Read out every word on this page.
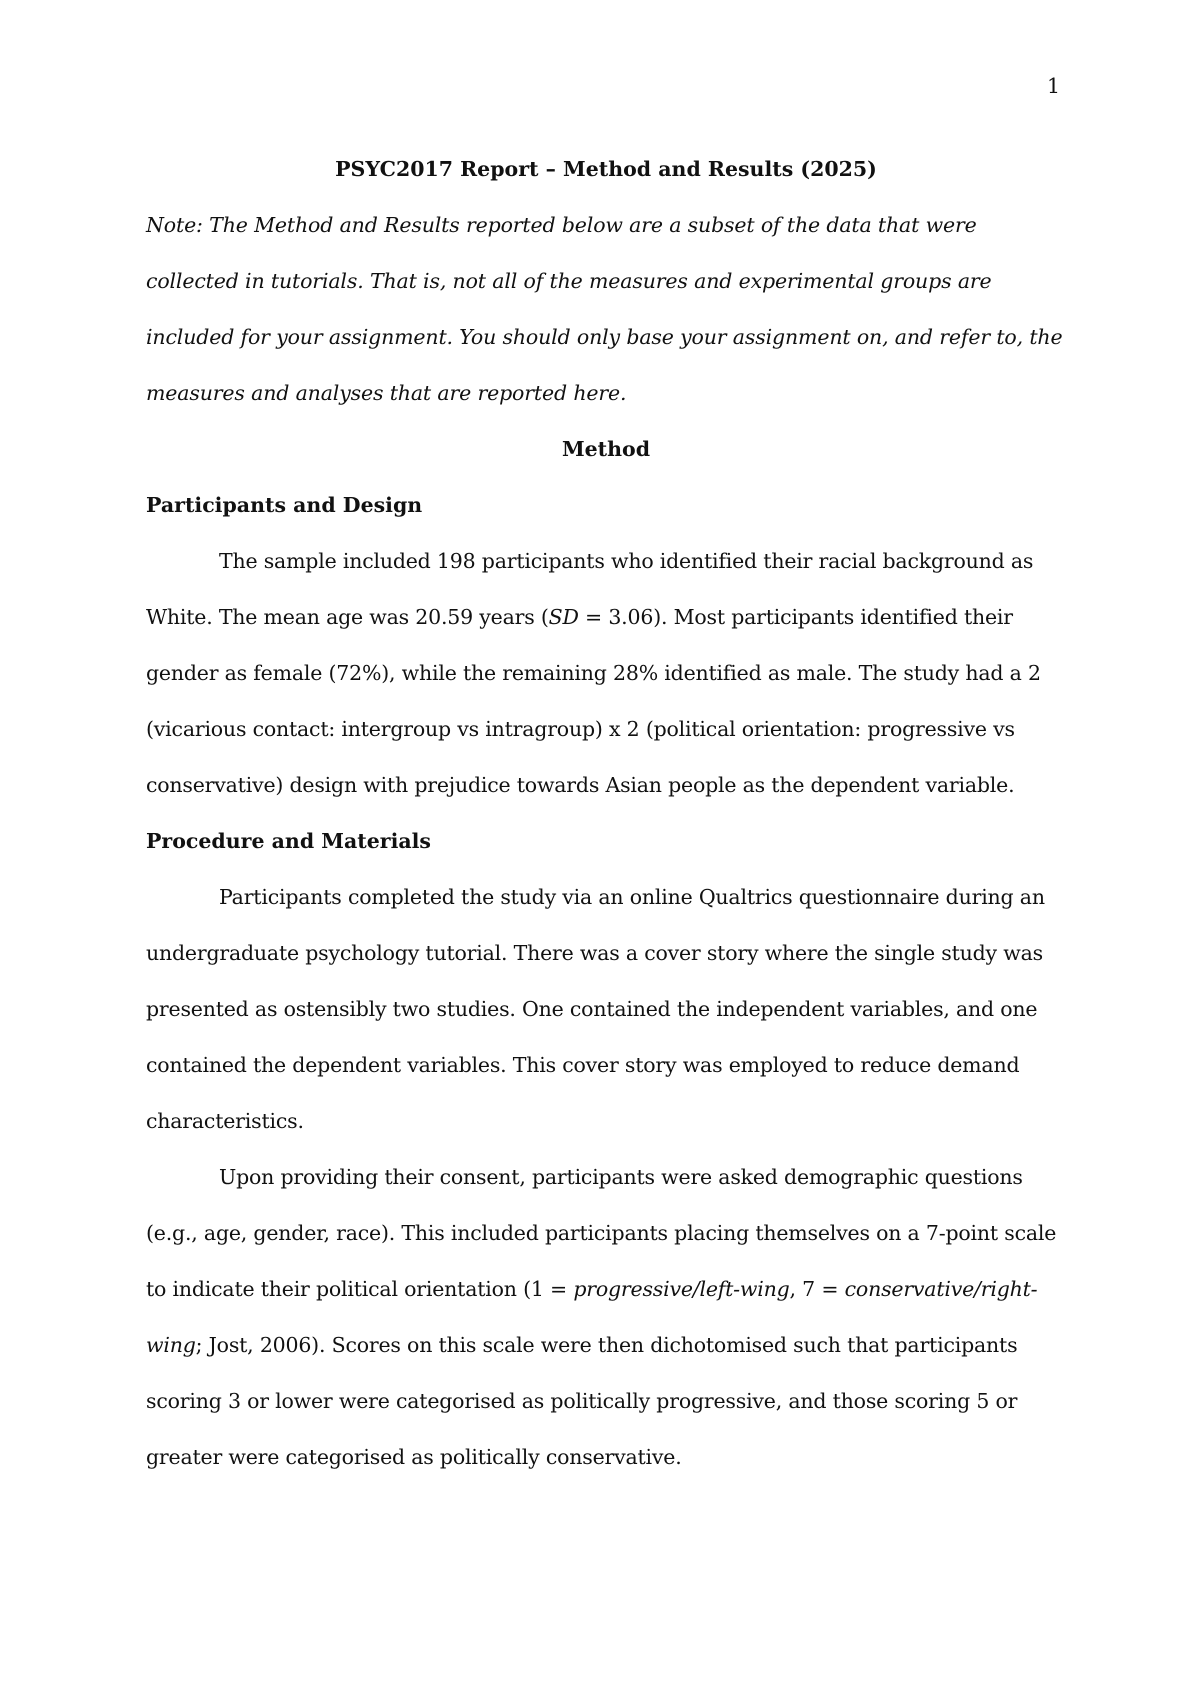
1

PSYC2017 Report – Method and Results (2025)

Note: The Method and Results reported below are a subset of the data that were collected in tutorials. That is, not all of the measures and experimental groups are included for your assignment. You should only base your assignment on, and refer to, the measures and analyses that are reported here.

Method

Participants and Design

The sample included 198 participants who identified their racial background as White. The mean age was 20.59 years (SD = 3.06). Most participants identified their gender as female (72%), while the remaining 28% identified as male. The study had a 2 (vicarious contact: intergroup vs intragroup) x 2 (political orientation: progressive vs conservative) design with prejudice towards Asian people as the dependent variable.

Procedure and Materials

Participants completed the study via an online Qualtrics questionnaire during an undergraduate psychology tutorial. There was a cover story where the single study was presented as ostensibly two studies. One contained the independent variables, and one contained the dependent variables. This cover story was employed to reduce demand characteristics.

Upon providing their consent, participants were asked demographic questions (e.g., age, gender, race). This included participants placing themselves on a 7-point scale to indicate their political orientation (1 = progressive/left-wing, 7 = conservative/right-wing; Jost, 2006). Scores on this scale were then dichotomised such that participants scoring 3 or lower were categorised as politically progressive, and those scoring 5 or greater were categorised as politically conservative.
